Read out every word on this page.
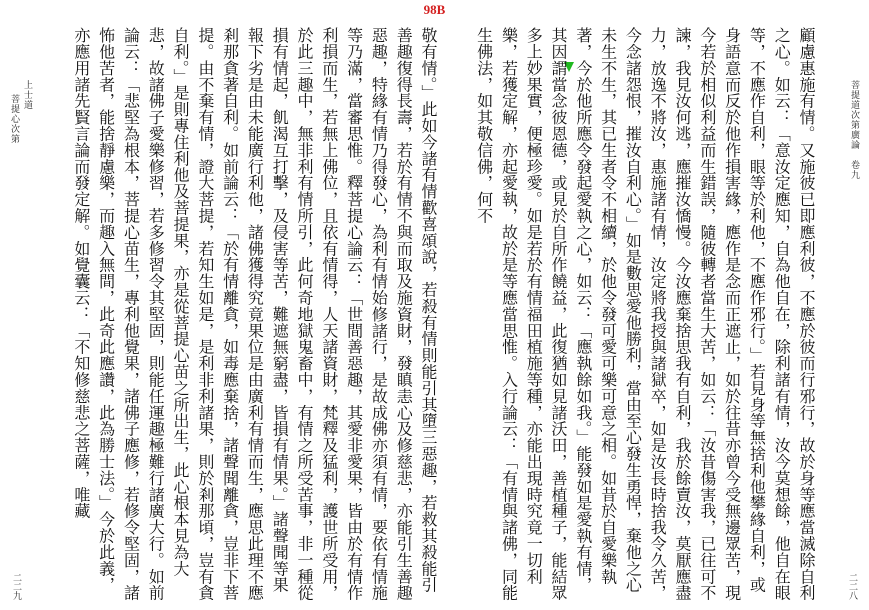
98B
菩提道次第廣論　卷九
上士道
菩提心次第
二二八
二二九	顧慮惠施有情。又施彼已即應利彼，不應於彼而行邪行，故於身等應當滅除自利之心。如云：「意汝定應知，自為他自在，除利諸有情，汝今莫想餘，他自在眼等，不應作自利，眼等於利他，不應作邪行。」若見身等無捨利他攀緣自利，或身語意而反於他作損害緣，應作是念而正遮止，如於往昔亦曾今受無邊眾苦，現今若於相似利益而生錯誤，隨彼轉者當生大苦，如云：「汝昔傷害我，已往可不諫，我見汝何逃，應摧汝憍慢。今汝應棄捨思我有自利，我於餘賣汝，莫厭應盡力，放逸不將汝，惠施諸有情，汝定將我授與諸獄卒，如是汝長時捨我令久苦，今念諸怨恨，摧汝自利心。」如是數思愛他勝利，當由至心發生勇悍，棄他之心未生不生，其已生者令不相續，於他令發可愛可樂可意之相。如昔於自愛樂執著，今於他所應令發起愛執之心，如云：「應執餘如我。」能發如是愛執有情，其因謂當念彼恩德，或見於自所作饒益，此復猶如見諸沃田，善植種子，能結眾多上妙果實，便極珍愛。如是若於有情福田植施等種，亦能出現時究竟一切利樂，若獲定解，亦起愛執，故於是等應當思惟。入行論云：「有情與諸佛，同能生佛法，如其敬信佛，何不

敬有情。」此如今諸有情歡喜頌說，若殺有情則能引其墮三惡趣，若救其殺能引善趣復得長壽，若於有情不與而取及施資財，發瞋恚心及修慈悲，亦能引生善趣惡趣，特緣有情乃得發心，為利有情始修諸行，是故成佛亦須有情，要依有情施等乃滿，當審思惟。釋菩提心論云：「世間善惡趣，其愛非愛果，皆由於有情作利損而生，若無上佛位，且依有情得，人天諸資財，梵釋及猛利，護世所受用，於此三趣中，無非利有情所引，此何奇地獄鬼畜中，有情之所受苦事，非一種從損有情起，飢渴互打擊，及侵害等苦，難遮無窮盡，皆損有情果。」諸聲聞等果報下劣是由未能廣行利他，諸佛獲得究竟果位是由廣利有情而生，應思此理不應剎那貪著自利。如前論云：「於有情離貪，如毒應棄捨，諸聲聞離貪，豈非下菩提。由不棄有情，證大菩提，若知生如是，是利非利諸果，則於剎那頃，豈有貪自利。」是則專住利他及菩提果，亦是從菩提心苗之所出生，此心根本見為大悲，故諸佛子愛樂修習，若多修習令其堅固，則能任運趣極難行諸廣大行。如前論云：「悲堅為根本，菩提心苗生，專利他覺果，諸佛子應修，若修令堅固，諸怖他苦者，能捨靜慮樂，而趣入無間，此奇此應讚，此為勝士法。」今於此義，亦應用諸先賢言論而發定解。如覺囊云：「不知修慈悲之菩薩，唯藏
